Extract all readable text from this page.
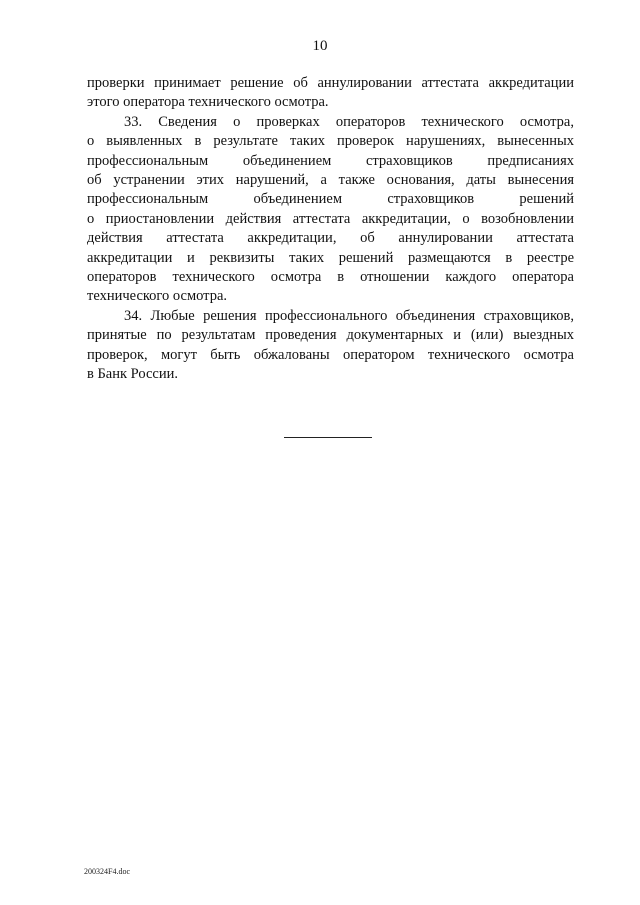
10

проверки принимает решение об аннулировании аттестата аккредитации

этого оператора технического осмотра.

33. Сведения о проверках операторов технического осмотра,

о выявленных в результате таких проверок нарушениях, вынесенных

профессиональным объединением страховщиков предписаниях

об устранении этих нарушений, а также основания, даты вынесения

профессиональным объединением страховщиков решений

о приостановлении действия аттестата аккредитации, о возобновлении

действия аттестата аккредитации, об аннулировании аттестата

аккредитации и реквизиты таких решений размещаются в реестре

операторов технического осмотра в отношении каждого оператора

технического осмотра.

34. Любые решения профессионального объединения страховщиков,

принятые по результатам проведения документарных и (или) выездных

проверок, могут быть обжалованы оператором технического осмотра

в Банк России.

200324F4.doc
